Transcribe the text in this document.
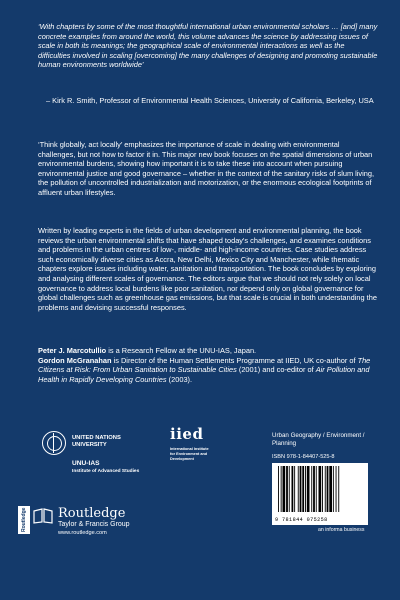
‘With chapters by some of the most thoughtful international urban environmental scholars … [and] many concrete examples from around the world, this volume advances the science by addressing issues of scale in both its meanings; the geographical scale of environmental interactions as well as the difficulties involved in scaling [overcoming] the many challenges of designing and promoting sustainable human environments worldwide’

– Kirk R. Smith, Professor of Environmental Health Sciences, University of California, Berkeley, USA

‘Think globally, act locally’ emphasizes the importance of scale in dealing with environmental challenges, but not how to factor it in. This major new book focuses on the spatial dimensions of urban environmental burdens, showing how important it is to take these into account when pursuing environmental justice and good governance – whether in the context of the sanitary risks of slum living, the pollution of uncontrolled industrialization and motorization, or the enormous ecological footprints of affluent urban lifestyles.

Written by leading experts in the fields of urban development and environmental planning, the book reviews the urban environmental shifts that have shaped today's challenges, and examines conditions and problems in the urban centres of low-, middle- and high-income countries. Case studies address such economically diverse cities as Accra, New Delhi, Mexico City and Manchester, while thematic chapters explore issues including water, sanitation and transportation. The book concludes by exploring and analysing different scales of governance. The editors argue that we should not rely solely on local governance to address local burdens like poor sanitation, nor depend only on global governance for global challenges such as greenhouse gas emissions, but that scale is crucial in both understanding the problems and devising successful responses.

Peter J. Marcotullio is a Research Fellow at the UNU-IAS, Japan.
Gordon McGranahan is Director of the Human Settlements Programme at IIED, UK co-author of The Citizens at Risk: From Urban Sanitation to Sustainable Cities (2001) and co-editor of Air Pollution and Health in Rapidly Developing Countries (2003).

UNITED NATIONS UNIVERSITY
UNU-IAS
Institute of Advanced Studies
iied
International Institute for Environment and Development
Routledge Routledge
Taylor & Francis Group
www.routledge.com
Urban Geography / Environment / Planning
ISBN 978-1-84407-525-8
9 781844 075258
an informa business
